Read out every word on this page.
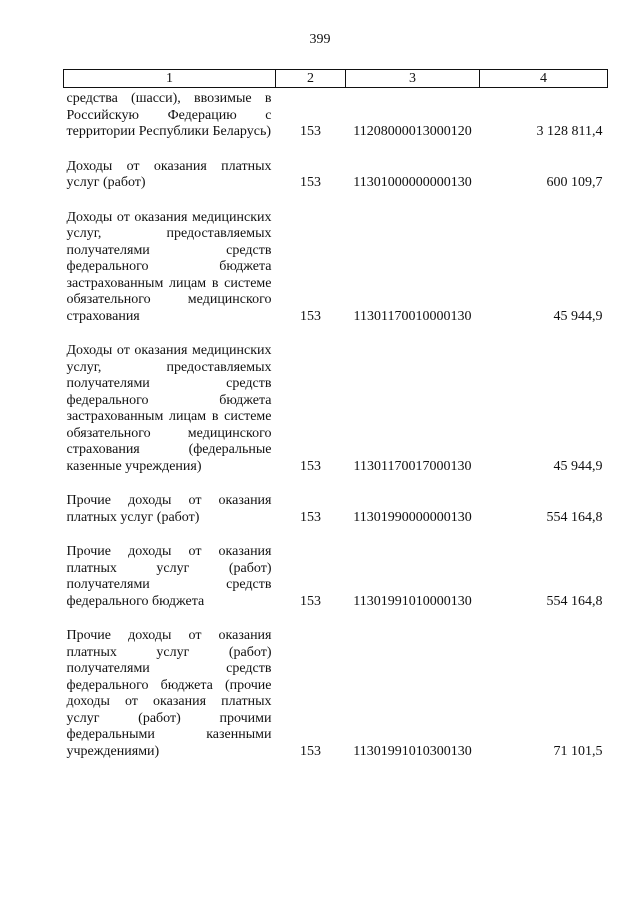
399
1	2	3	4
средства (шасси), ввозимые в Российскую Федерацию с территории Республики Беларусь)	153	11208000013000120	3 128 811,4
Доходы от оказания платных услуг (работ)	153	11301000000000130	600 109,7
Доходы от оказания медицинских услуг, предоставляемых получателями средств федерального бюджета застрахованным лицам в системе обязательного медицинского страхования	153	11301170010000130	45 944,9
Доходы от оказания медицинских услуг, предоставляемых получателями средств федерального бюджета застрахованным лицам в системе обязательного медицинского страхования (федеральные казенные учреждения)	153	11301170017000130	45 944,9
Прочие доходы от оказания платных услуг (работ)	153	11301990000000130	554 164,8
Прочие доходы от оказания платных услуг (работ) получателями средств федерального бюджета	153	11301991010000130	554 164,8
Прочие доходы от оказания платных услуг (работ) получателями средств федерального бюджета (прочие доходы от оказания платных услуг (работ) прочими федеральными казенными учреждениями)	153	11301991010300130	71 101,5
